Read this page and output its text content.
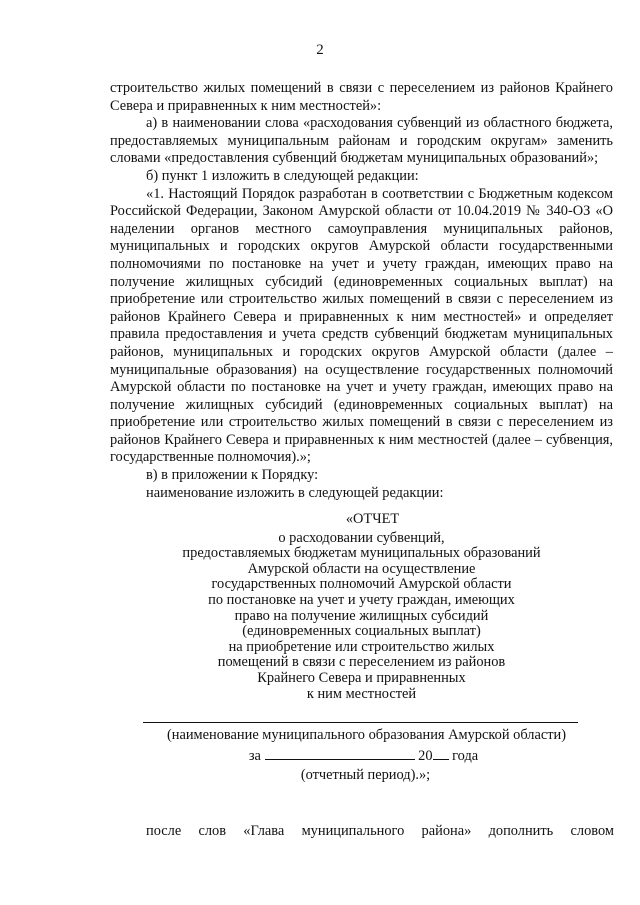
2

строительство жилых помещений в связи с переселением из районов Крайнего Севера и приравненных к ним местностей»:

а) в наименовании слова «расходования субвенций из областного бюджета, предоставляемых муниципальным районам и городским округам» заменить словами «предоставления субвенций бюджетам муниципальных образований»;

б) пункт 1 изложить в следующей редакции:

«1. Настоящий Порядок разработан в соответствии с Бюджетным кодексом Российской Федерации, Законом Амурской области от 10.04.2019 № 340-ОЗ «О наделении органов местного самоуправления муниципальных районов, муниципальных и городских округов Амурской области государственными полномочиями по постановке на учет и учету граждан, имеющих право на получение жилищных субсидий (единовременных социальных выплат) на приобретение или строительство жилых помещений в связи с переселением из районов Крайнего Севера и приравненных к ним местностей» и определяет правила предоставления и учета средств субвенций бюджетам муниципальных районов, муниципальных и городских округов Амурской области (далее – муниципальные образования) на осуществление государственных полномочий Амурской области по постановке на учет и учету граждан, имеющих право на получение жилищных субсидий (единовременных социальных выплат) на приобретение или строительство жилых помещений в связи с переселением из районов Крайнего Севера и приравненных к ним местностей (далее – субвенция, государственные полномочия).»;

в) в приложении к Порядку:

наименование изложить в следующей редакции:

«ОТЧЕТ
о расходовании субвенций,
предоставляемых бюджетам муниципальных образований
Амурской области на осуществление
государственных полномочий Амурской области
по постановке на учет и учету граждан, имеющих
право на получение жилищных субсидий
(единовременных социальных выплат)
на приобретение или строительство жилых
помещений в связи с переселением из районов
Крайнего Севера и приравненных
к ним местностей
(наименование муниципального образования Амурской области)
за	20 года
(отчетный период).»;
после слов «Глава муниципального района» дополнить словом
